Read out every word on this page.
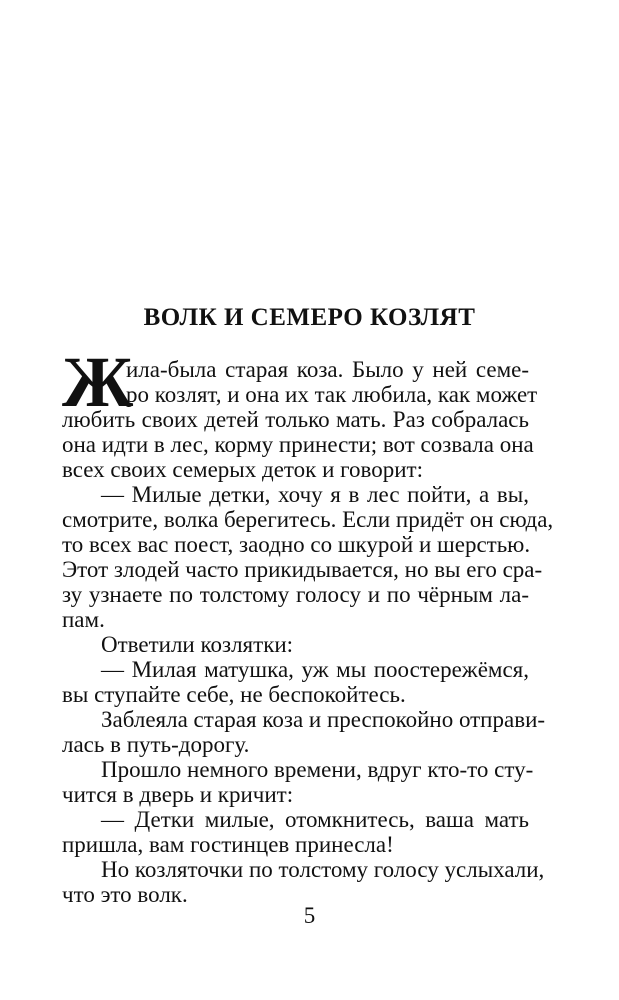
ВОЛК И СЕМЕРО КОЗЛЯТ
Ж
ила-была старая коза. Было у ней семе-
ро козлят, и она их так любила, как может
любить своих детей только мать. Раз собралась
она идти в лес, корму принести; вот созвала она
всех своих семерых деток и говорит:
— Милые детки, хочу я в лес пойти, а вы,
смотрите, волка берегитесь. Если придёт он сюда,
то всех вас поест, заодно со шкурой и шерстью.
Этот злодей часто прикидывается, но вы его сра-
зу узнаете по толстому голосу и по чёрным ла-
пам.
Ответили козлятки:
— Милая матушка, уж мы поостережёмся,
вы ступайте себе, не беспокойтесь.
Заблеяла старая коза и преспокойно отправи-
лась в путь-дорогу.
Прошло немного времени, вдруг кто-то сту-
чится в дверь и кричит:
— Детки милые, отомкнитесь, ваша мать
пришла, вам гостинцев принесла!
Но козляточки по толстому голосу услыхали,
что это волк.
5
